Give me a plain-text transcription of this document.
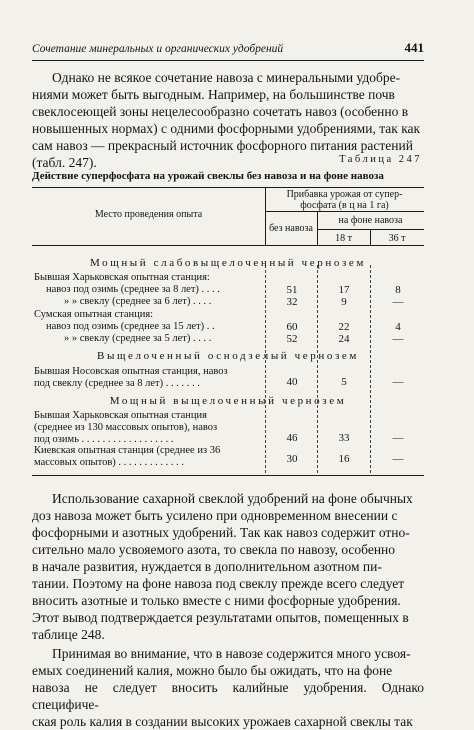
Сочетание минеральных и органических удобрений	441
Однако не всякое сочетание навоза с минеральными удобре-
ниями может быть выгодным. Например, на большинстве почв
свеклосеющей зоны нецелесообразно сочетать навоз (особенно в
новышенных нормах) с одними фосфорными удобрениями, так как
сам навоз — прекрасный источник фосфорного питания растений
(табл. 247).	Таблица 247
Действие суперфосфата на урожай свеклы без навоза и на фоне навоза
Место проведения опыта
Прибавка урожая от супер-
фосфата (в ц на 1 га)
без навоза
на фоне навоза
18 т	36 т
Мощный слабовыщелоченный чернозем
Бывшая Харьковская опытная станция:
навоз под озимь (среднее за 8 лет) . . . .	51	17	8
» » свеклу (среднее за 6 лет) . . . .	32	9	—
Сумская опытная станция:
навоз под озимь (среднее за 15 лет) . .	60	22	4
» » свеклу (среднее за 5 лет) . . . .	52	24	—
Выщелоченный оснодзелый чернозем
Бывшая Носовская опытная станция, навоз
под свеклу (среднее за 8 лет) . . . . . . .	40	5	—
Мощный выщелоченный чернозем
Бывшая Харьковская опытная станция
(среднее из 130 массовых опытов), навоз
под озимь . . . . . . . . . . . . . . . . . .	46	33	—
Киевская опытная станция (среднее из 36
массовых опытов) . . . . . . . . . . . . .	30	16	—
Использование сахарной свеклой удобрений на фоне обычных
доз навоза может быть усилено при одновременном внесении с
фосфорными и азотных удобрений. Так как навоз содержит отно-
сительно мало усвояемого азота, то свекла по навозу, особенно
в начале развития, нуждается в дополнительном азотном пи-
тании. Поэтому на фоне навоза под свеклу прежде всего следует
вносить азотные и только вместе с ними фосфорные удобрения.
Этот вывод подтверждается результатами опытов, помещенных в
таблице 248.
Принимая во внимание, что в навозе содержится много усвоя-
емых соединений калия, можно было бы ожидать, что на фоне
навоза не следует вносить калийные удобрения. Однако специфиче-
ская роль калия в создании высоких урожаев сахарной свеклы так
